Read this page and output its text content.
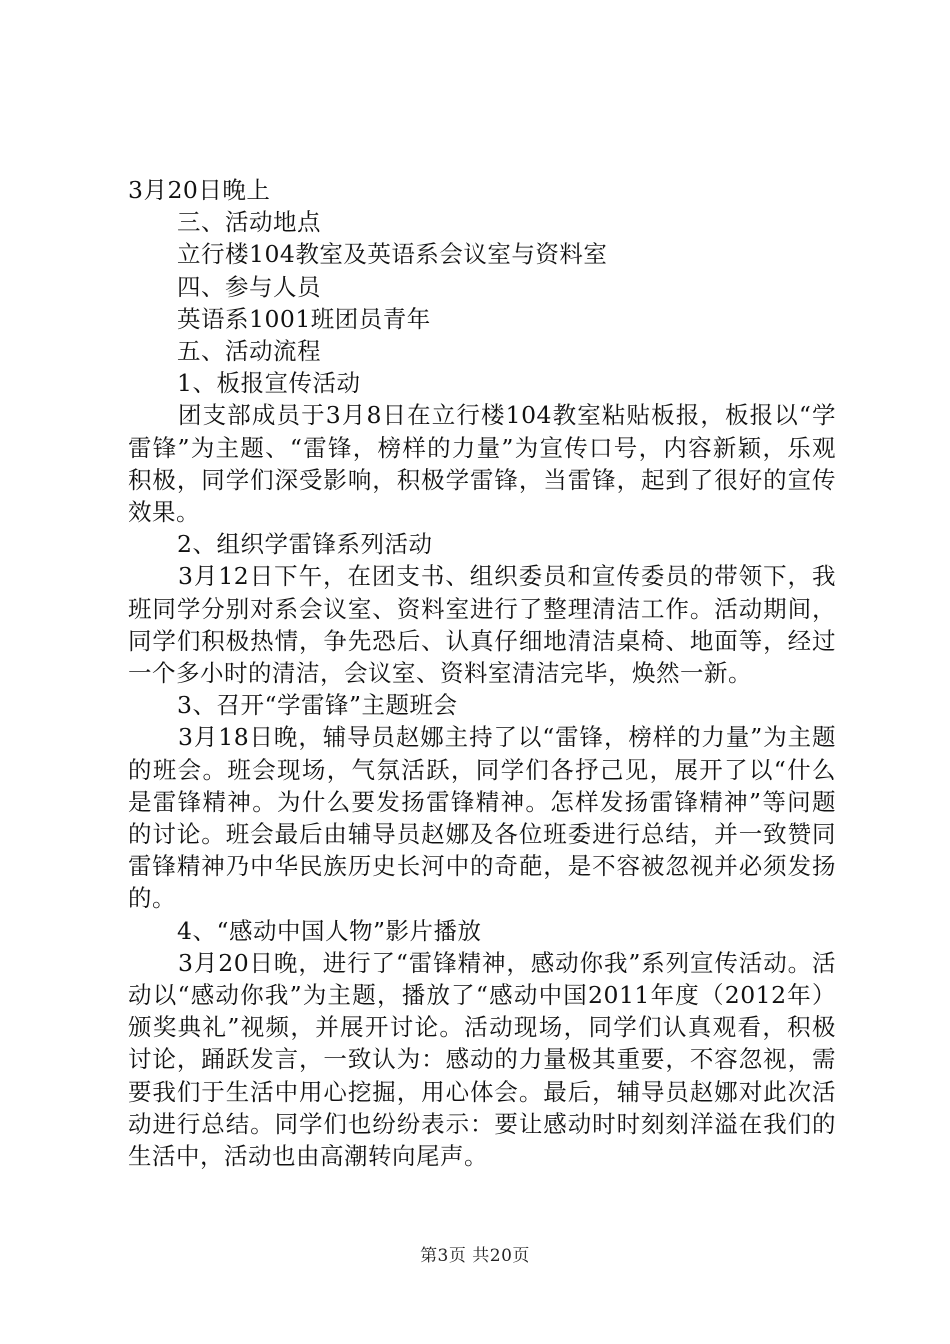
3月20日晚上
三、活动地点
立行楼104教室及英语系会议室与资料室
四、参与人员
英语系1001班团员青年
五、活动流程
1、板报宣传活动
团支部成员于3月8日在立行楼104教室粘贴板报，板报以“学雷锋”为主题、“雷锋，榜样的力量”为宣传口号，内容新颖，乐观积极，同学们深受影响，积极学雷锋，当雷锋，起到了很好的宣传效果。
2、组织学雷锋系列活动
3月12日下午，在团支书、组织委员和宣传委员的带领下，我班同学分别对系会议室、资料室进行了整理清洁工作。活动期间，同学们积极热情，争先恐后、认真仔细地清洁桌椅、地面等，经过一个多小时的清洁，会议室、资料室清洁完毕，焕然一新。
3、召开“学雷锋”主题班会
3月18日晚，辅导员赵娜主持了以“雷锋，榜样的力量”为主题的班会。班会现场，气氛活跃，同学们各抒己见，展开了以“什么是雷锋精神。为什么要发扬雷锋精神。怎样发扬雷锋精神”等问题的讨论。班会最后由辅导员赵娜及各位班委进行总结，并一致赞同雷锋精神乃中华民族历史长河中的奇葩，是不容被忽视并必须发扬的。
4、“感动中国人物”影片播放
3月20日晚，进行了“雷锋精神，感动你我”系列宣传活动。活动以“感动你我”为主题，播放了“感动中国2011年度（2012年）颁奖典礼”视频，并展开讨论。活动现场，同学们认真观看，积极讨论，踊跃发言，一致认为：感动的力量极其重要，不容忽视，需要我们于生活中用心挖掘，用心体会。最后，辅导员赵娜对此次活动进行总结。同学们也纷纷表示：要让感动时时刻刻洋溢在我们的生活中，活动也由高潮转向尾声。
第3页 共20页
